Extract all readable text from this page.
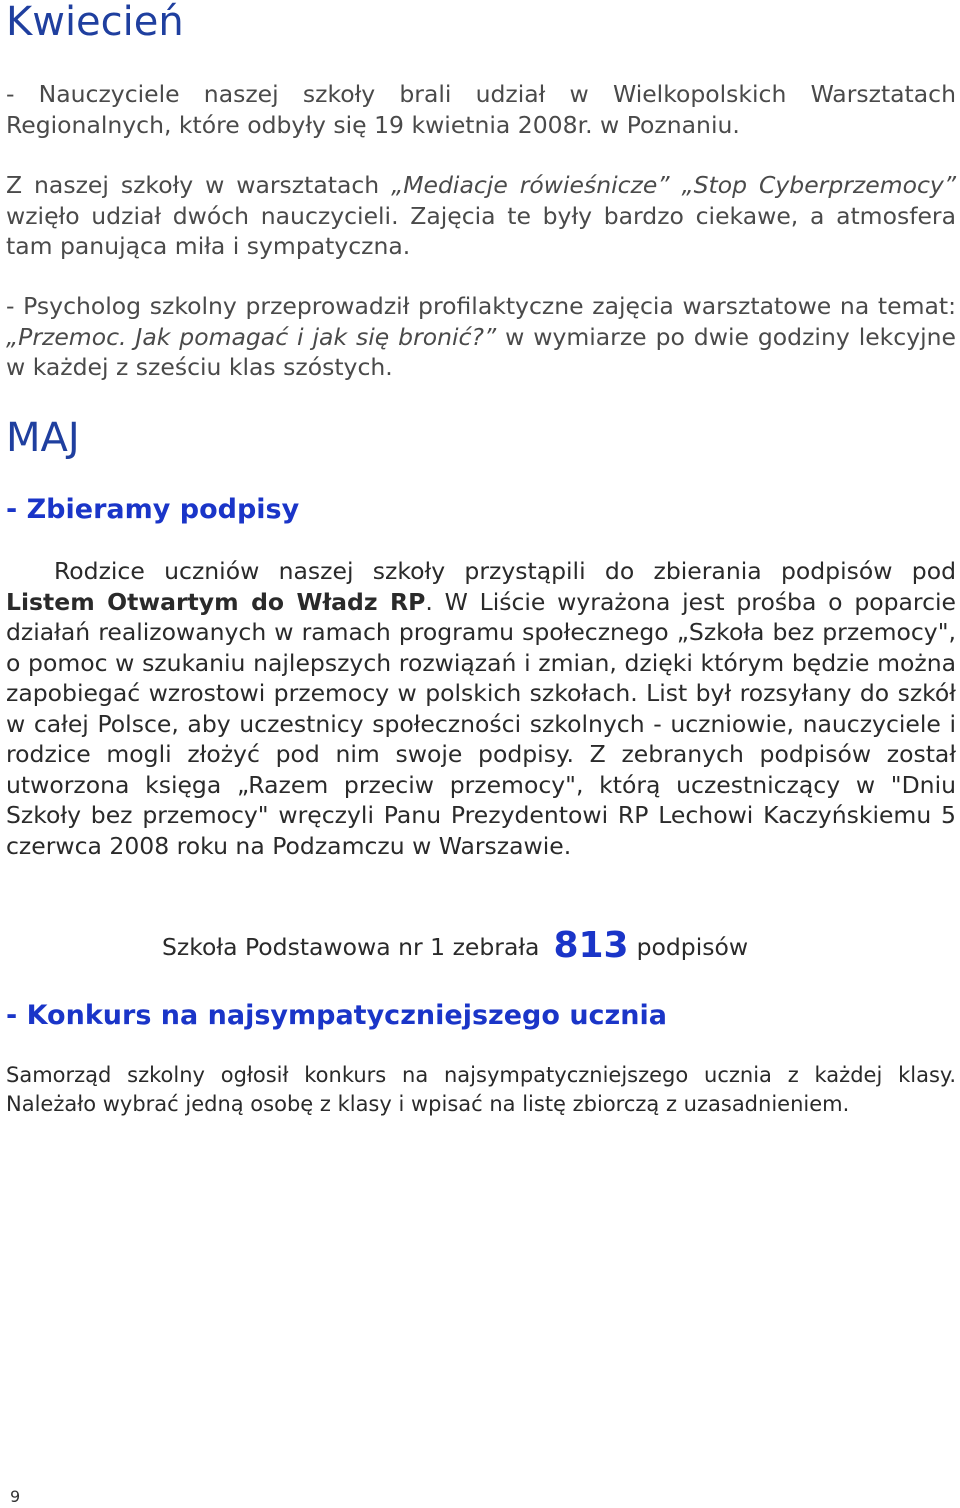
Kwiecień

- Nauczyciele naszej szkoły brali udział w Wielkopolskich Warsztatach Regionalnych, które odbyły się 19 kwietnia 2008r. w Poznaniu.

Z naszej szkoły w warsztatach „Mediacje rówieśnicze” „Stop Cyberprzemocy” wzięło udział dwóch nauczycieli. Zajęcia te były bardzo ciekawe, a atmosfera tam panująca miła i sympatyczna.

- Psycholog szkolny przeprowadził profilaktyczne zajęcia warsztatowe na temat: „Przemoc. Jak pomagać i jak się bronić?” w wymiarze po dwie godziny lekcyjne w każdej z sześciu klas szóstych.

MAJ
- Zbieramy podpisy

Rodzice uczniów naszej szkoły przystąpili do zbierania podpisów pod Listem Otwartym do Władz RP. W Liście wyrażona jest prośba o poparcie działań realizowanych w ramach programu społecznego „Szkoła bez przemocy", o pomoc w szukaniu najlepszych rozwiązań i zmian, dzięki którym będzie można zapobiegać wzrostowi przemocy w polskich szkołach. List był rozsyłany do szkół w całej Polsce, aby uczestnicy społeczności szkolnych - uczniowie, nauczyciele i rodzice mogli złożyć pod nim swoje podpisy. Z zebranych podpisów został utworzona księga „Razem przeciw przemocy", którą uczestniczący w "Dniu Szkoły bez przemocy" wręczyli Panu Prezydentowi RP Lechowi Kaczyńskiemu 5 czerwca 2008 roku na Podzamczu w Warszawie.

Szkoła Podstawowa nr 1 zebrała 813 podpisów
- Konkurs na najsympatyczniejszego ucznia

Samorząd szkolny ogłosił konkurs na najsympatyczniejszego ucznia z każdej klasy. Należało wybrać jedną osobę z klasy i wpisać na listę zbiorczą z uzasadnieniem.

9
